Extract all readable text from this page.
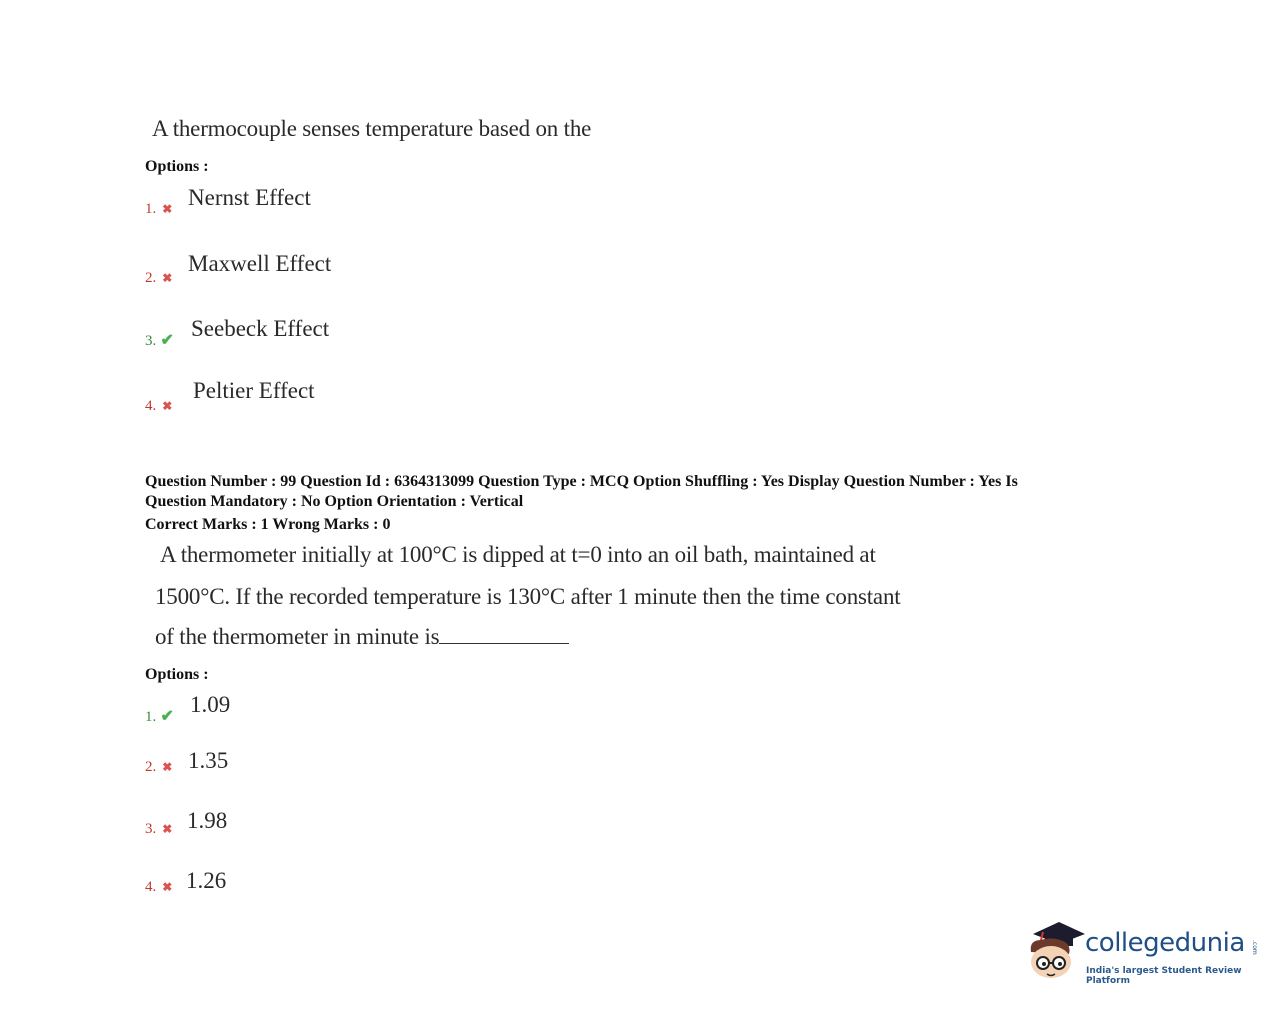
A thermocouple senses temperature based on the
Options :
1. ✖ Nernst Effect
2. ✖
Maxwell Effect
3. ✔ Seebeck Effect
4. ✖
Peltier Effect
Question Number : 99 Question Id : 6364313099 Question Type : MCQ Option Shuffling : Yes Display Question Number : Yes Is
Question Mandatory : No Option Orientation : Vertical
Correct Marks : 1 Wrong Marks : 0
A thermometer initially at 100°C is dipped at t=0 into an oil bath, maintained at
1500°C. If the recorded temperature is 130°C after 1 minute then the time constant
of the thermometer in minute is
Options :
1. ✔ 1.09
2. ✖ 1.35
3. ✖ 1.98
4. ✖ 1.26
collegedunia .com
India's largest Student Review Platform
